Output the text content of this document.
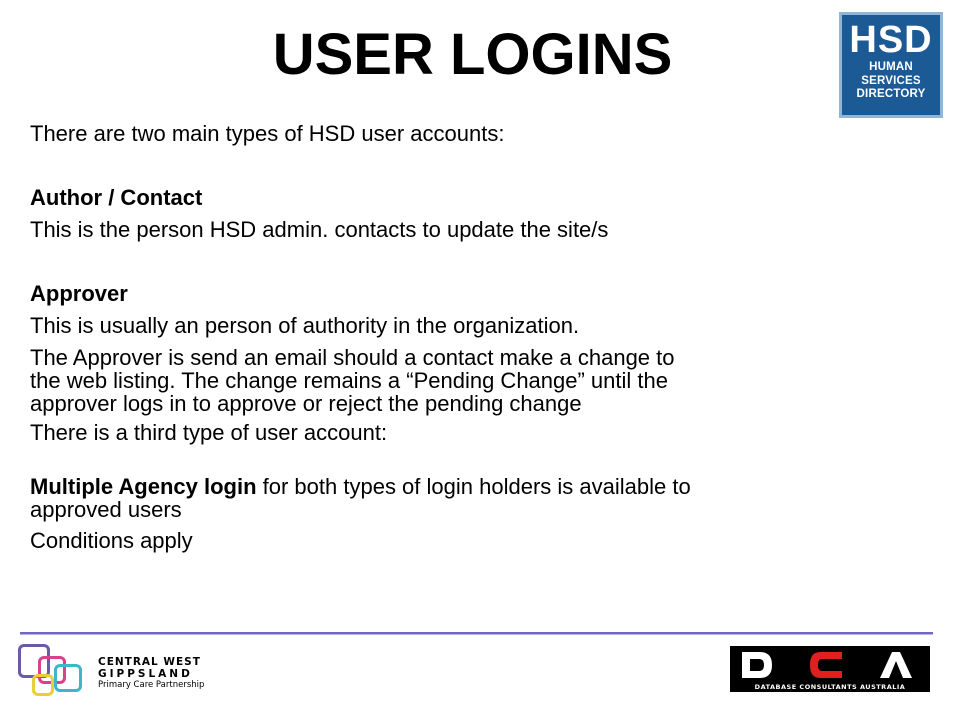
USER LOGINS	HSD
HUMAN
SERVICES
DIRECTORY

There are two main types of HSD user accounts:

Author / Contact

This is the person HSD admin. contacts to update the site/s

Approver

This is usually an person of authority in the organization.

The Approver is send an email should a contact make a change to

the web listing. The change remains a “Pending Change” until the

approver logs in to approve or reject the pending change

There is a third type of user account:

Multiple Agency login for both types of login holders is available to

approved users

Conditions apply

CENTRAL WEST
GIPPSLAND
Primary Care Partnership	DATABASE CONSULTANTS AUSTRALIA
